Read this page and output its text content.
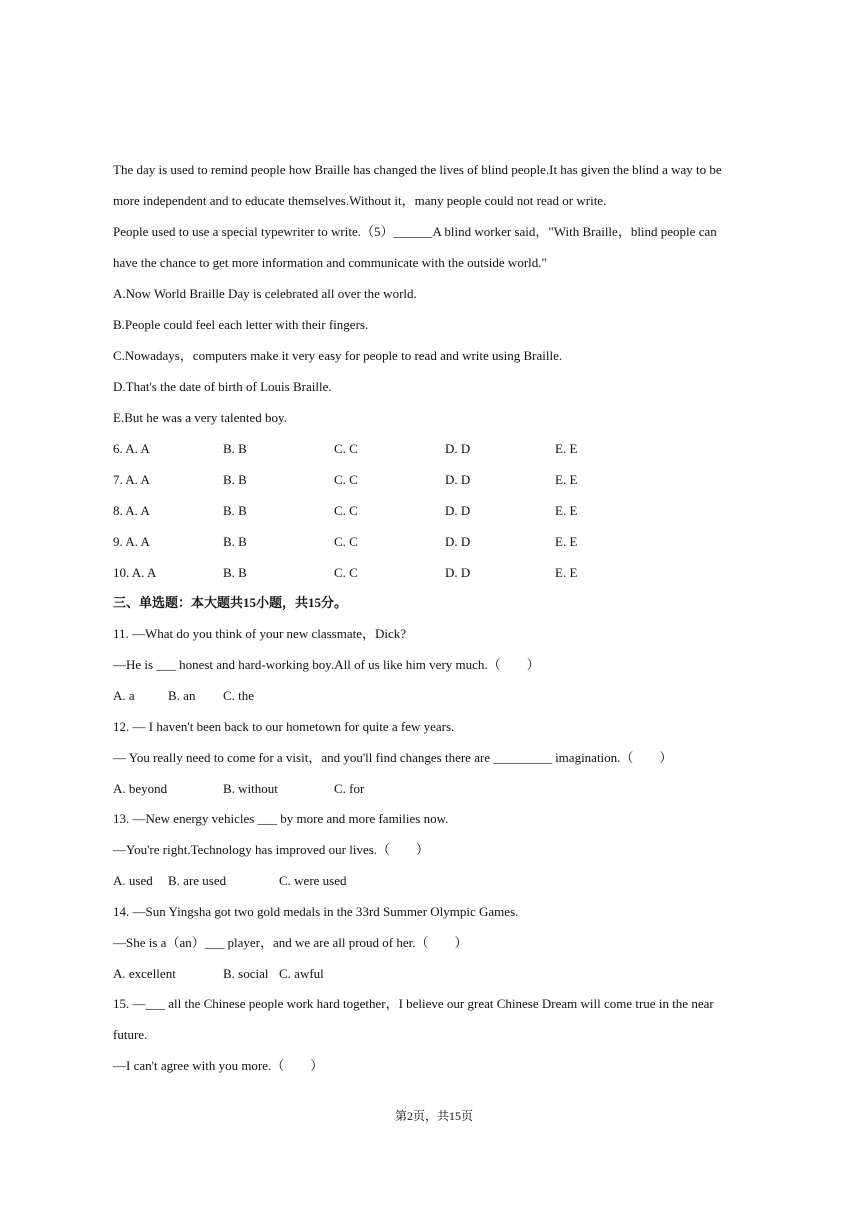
The day is used to remind people how Braille has changed the lives of blind people.It has given the blind a way to be
more independent and to educate themselves.Without it，many people could not read or write.
People used to use a special typewriter to write.（5）______A blind worker said，"With Braille，blind people can
have the chance to get more information and communicate with the outside world."
A.Now World Braille Day is celebrated all over the world.
B.People could feel each letter with their fingers.
C.Nowadays，computers make it very easy for people to read and write using Braille.
D.That's the date of birth of Louis Braille.
E.But he was a very talented boy.
6. A. A	B. B	C. C	D. D	E. E
7. A. A	B. B	C. C	D. D	E. E
8. A. A	B. B	C. C	D. D	E. E
9. A. A	B. B	C. C	D. D	E. E
10. A. A	B. B	C. C	D. D	E. E
三、单选题：本大题共15小题，共15分。
11. —What do you think of your new classmate，Dick?
—He is ___ honest and hard-working boy.All of us like him very much.（　　）
A. a	B. an C. the
12. — I haven't been back to our hometown for quite a few years.
— You really need to come for a visit，and you'll find changes there are _________ imagination.（　　）
A. beyond	B. without	C. for
13. —New energy vehicles ___ by more and more families now.
—You're right.Technology has improved our lives.（　　）
A. used B. are used	C. were used
14. —Sun Yingsha got two gold medals in the 33rd Summer Olympic Games.
—She is a（an）___ player，and we are all proud of her.（　　）
A. excellent	B. social C. awful
15. —___ all the Chinese people work hard together，I believe our great Chinese Dream will come true in the near
future.
—I can't agree with you more.（　　）
第2页，共15页
